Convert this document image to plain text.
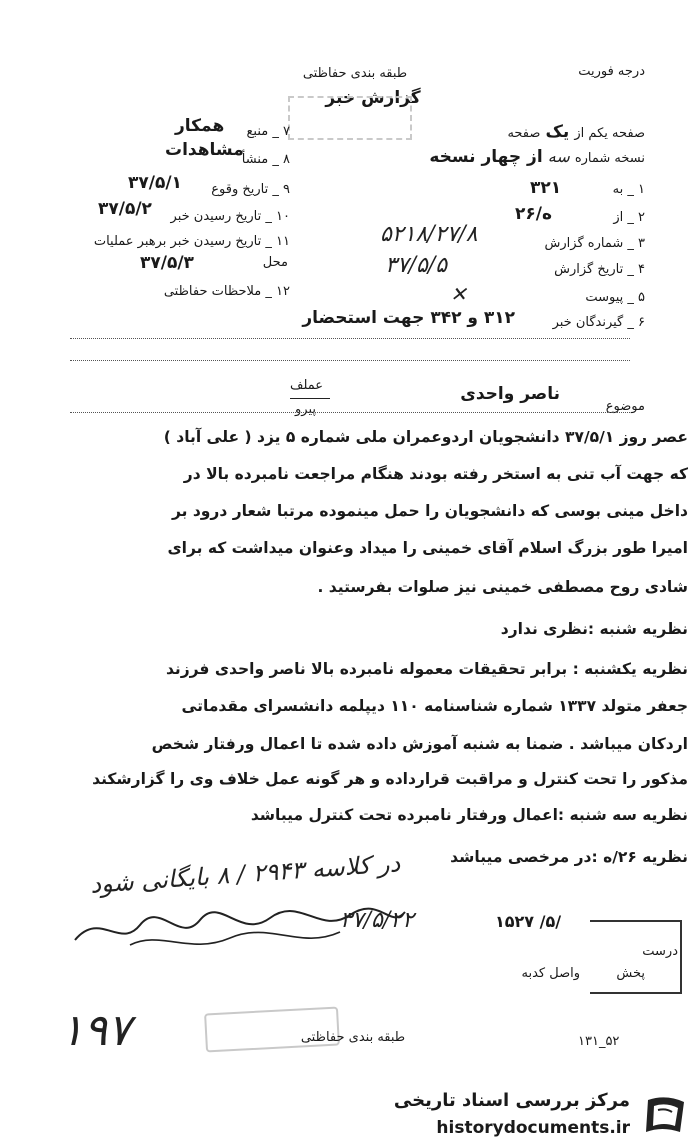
درجه فوریت
طبقه بندی حفاظتی
گزارش خبر
۷ _ منبع
همکار
۸ _ منشأ
مشاهدات
۹ _ تاریخ وقوع
۳۷/۵/۱
۱۰ _ تاریخ رسیدن خبر
۳۷/۵/۲
۱۱ _ تاریخ رسیدن خبر برهبر عملیات
محل
۳۷/۵/۳
۱۲ _ ملاحظات حفاظتی
صفحه یکم از یک صفحه
نسخه شماره سه از چهار نسخه
۱ _ به
۳۲۱
۲ _ از
۲۶/ه
۳ _ شماره گزارش
۵۲۱۸/۲۷/۸
۴ _ تاریخ گزارش
۳۷/۵/۵
۵ _ پیوست
✕
۶ _ گیرندگان خبر
۳۱۲ و ۳۴۲ جهت استحضار
موضوع
ناصر واحدی
عملف
پیرو
عصر روز ۳۷/۵/۱ دانشجویان اردوعمران ملی شماره ۵ یزد ( علی آباد )
که جهت آب تنی به استخر رفته بودند هنگام مراجعت نامبرده بالا در
داخل مینی بوسی که دانشجویان را حمل مینموده مرتبا شعار درود بر
امیرا طور بزرگ اسلام آقای خمینی را میداد وعنوان میداشت که برای
شادی روح مصطفی خمینی نیز صلوات بفرستید .
نظریه شنبه :نظری ندارد
نظریه یکشنبه : برابر تحقیقات معموله نامبرده بالا ناصر واحدی فرزند
جعفر متولد ۱۳۳۷ شماره شناسنامه ۱۱۰ دیپلمه دانشسرای مقدماتی
اردکان میباشد . ضمنا به شنبه آموزش داده شده تا اعمال ورفتار شخص
مذکور را تحت کنترل و مراقبت قرارداده و هر گونه عمل خلاف وی را گزارشکند
نظریه سه شنبه :اعمال ورفتار نامبرده تحت کنترل میباشد
نظریه ۲۶/ه :در مرخصی میباشد
در کلاسه ۲۹۴۳ / ۸ بایگانی شود
۳۷/۵/۲۲	۱۵۲۷ /۵/
درست
پخش
واصل کدبه
۱۹۷	طبقه بندی حفاظتی	۱۳۱_۵۲
مرکز بررسی اسناد تاریخی
historydocuments.ir
